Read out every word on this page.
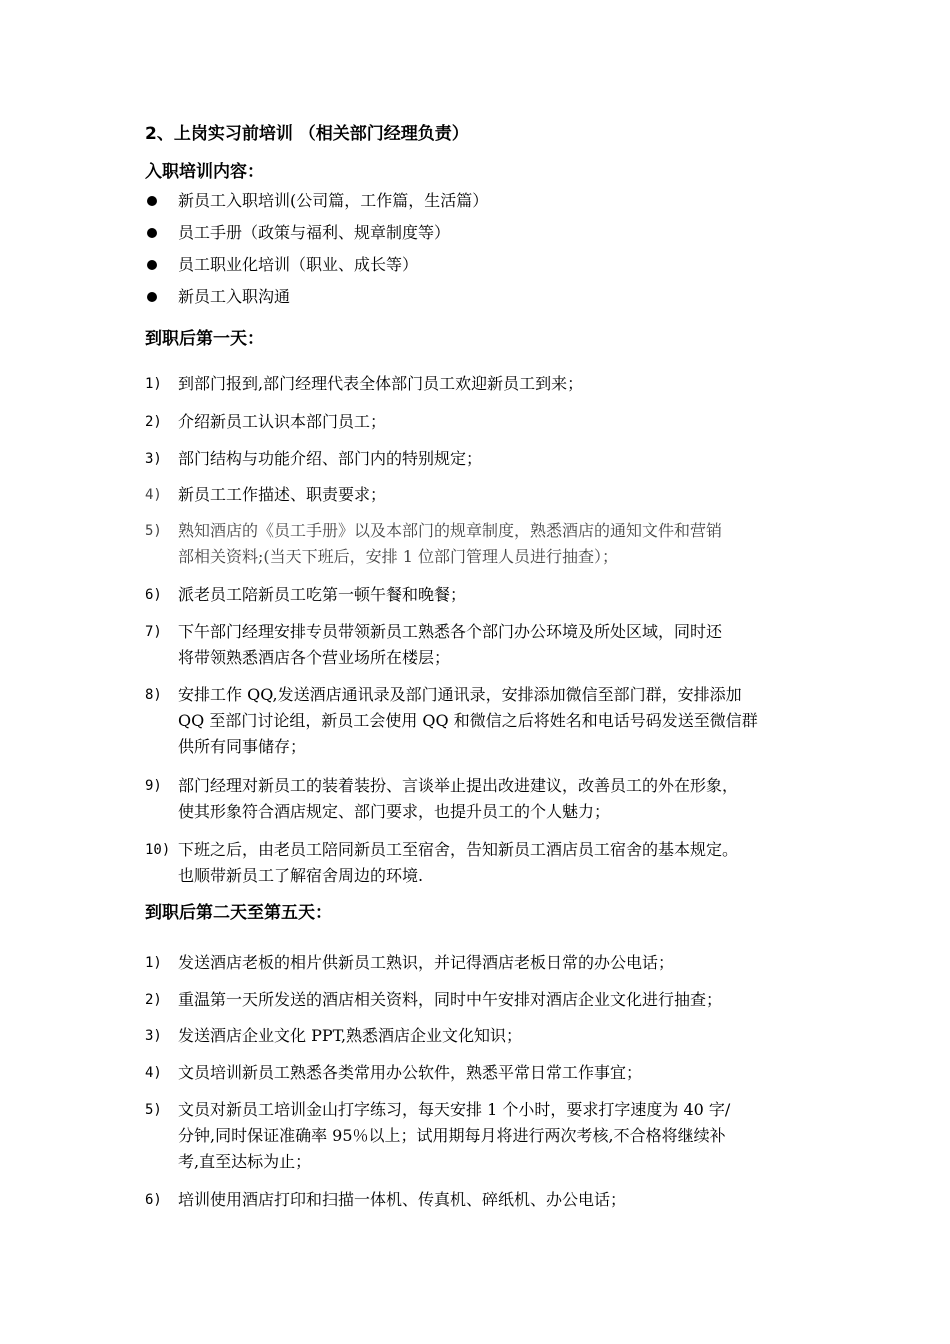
2、上岗实习前培训 （相关部门经理负责）
入职培训内容：
新员工入职培训(公司篇，工作篇，生活篇）
员工手册（政策与福利、规章制度等）
员工职业化培训（职业、成长等）
新员工入职沟通
到职后第一天：
1)	到部门报到,部门经理代表全体部门员工欢迎新员工到来；
2)	介绍新员工认识本部门员工；
3)	部门结构与功能介绍、部门内的特别规定；
4)	新员工工作描述、职责要求；
5)	熟知酒店的《员工手册》以及本部门的规章制度，熟悉酒店的通知文件和营销
部相关资料;(当天下班后，安排 1 位部门管理人员进行抽查）；
6)	派老员工陪新员工吃第一顿午餐和晚餐；
7)	下午部门经理安排专员带领新员工熟悉各个部门办公环境及所处区域，同时还
将带领熟悉酒店各个营业场所在楼层；
8)	安排工作 QQ,发送酒店通讯录及部门通讯录，安排添加微信至部门群，安排添加
QQ 至部门讨论组，新员工会使用 QQ 和微信之后将姓名和电话号码发送至微信群
供所有同事储存；
9)	部门经理对新员工的装着装扮、言谈举止提出改进建议，改善员工的外在形象，
使其形象符合酒店规定、部门要求，也提升员工的个人魅力；
10) 下班之后，由老员工陪同新员工至宿舍，告知新员工酒店员工宿舍的基本规定。
也顺带新员工了解宿舍周边的环境.
到职后第二天至第五天：
1)	发送酒店老板的相片供新员工熟识，并记得酒店老板日常的办公电话；
2)	重温第一天所发送的酒店相关资料，同时中午安排对酒店企业文化进行抽查；
3)	发送酒店企业文化 PPT,熟悉酒店企业文化知识；
4)	文员培训新员工熟悉各类常用办公软件，熟悉平常日常工作事宜；
5)	文员对新员工培训金山打字练习，每天安排 1 个小时，要求打字速度为 40 字/
分钟,同时保证准确率 95％以上；试用期每月将进行两次考核,不合格将继续补
考,直至达标为止；
6)	培训使用酒店打印和扫描一体机、传真机、碎纸机、办公电话；
